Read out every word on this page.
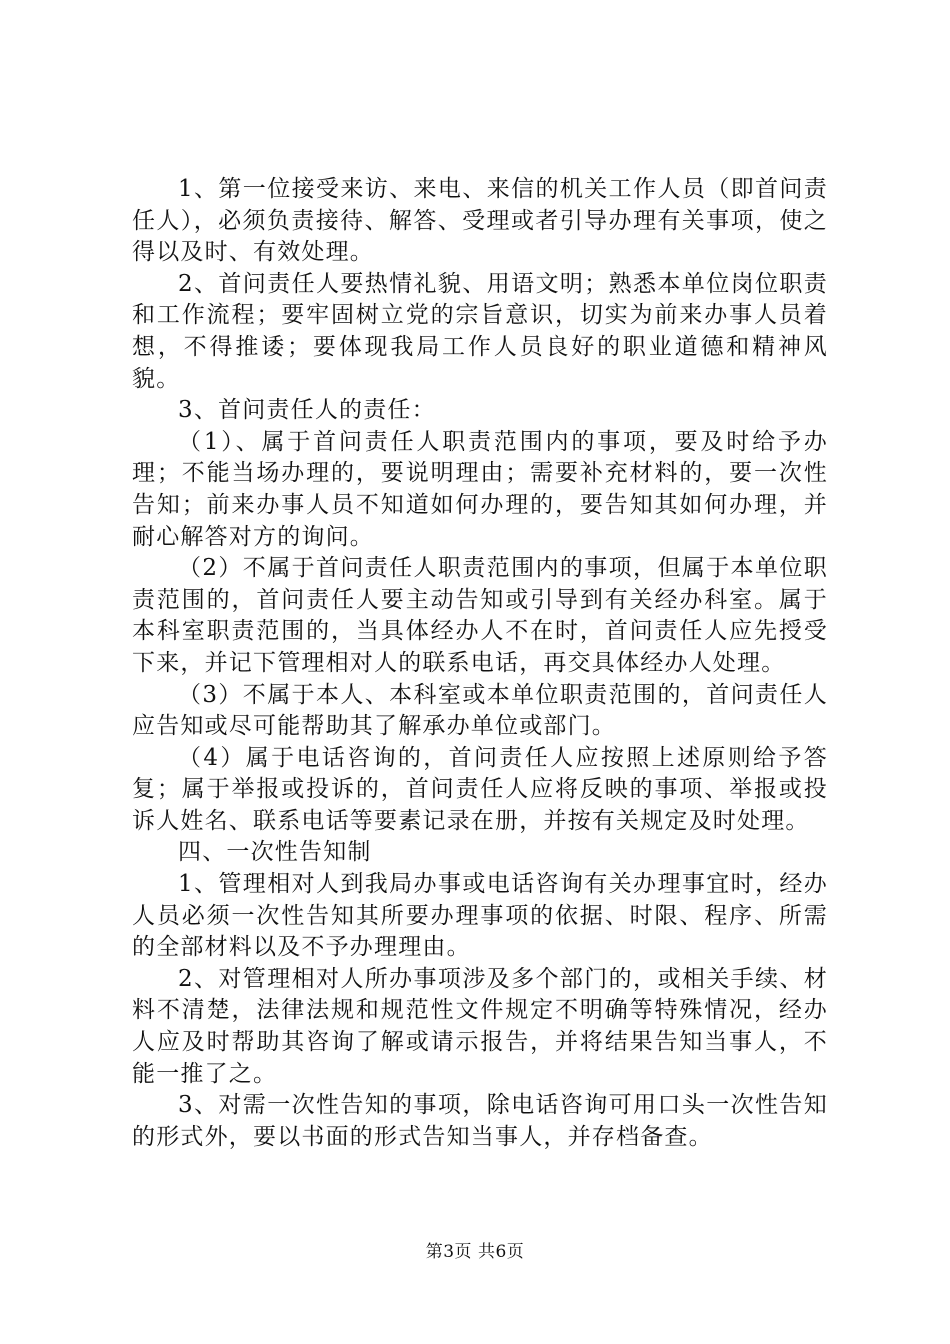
1、第一位接受来访、来电、来信的机关工作人员（即首问责任人），必须负责接待、解答、受理或者引导办理有关事项，使之得以及时、有效处理。

2、首问责任人要热情礼貌、用语文明；熟悉本单位岗位职责和工作流程；要牢固树立党的宗旨意识，切实为前来办事人员着想，不得推诿；要体现我局工作人员良好的职业道德和精神风貌。

3、首问责任人的责任：

（1）、属于首问责任人职责范围内的事项，要及时给予办理；不能当场办理的，要说明理由；需要补充材料的，要一次性告知；前来办事人员不知道如何办理的，要告知其如何办理，并耐心解答对方的询问。

（2）不属于首问责任人职责范围内的事项，但属于本单位职责范围的，首问责任人要主动告知或引导到有关经办科室。属于本科室职责范围的，当具体经办人不在时，首问责任人应先授受下来，并记下管理相对人的联系电话，再交具体经办人处理。

（3）不属于本人、本科室或本单位职责范围的，首问责任人应告知或尽可能帮助其了解承办单位或部门。

（4）属于电话咨询的，首问责任人应按照上述原则给予答复；属于举报或投诉的，首问责任人应将反映的事项、举报或投诉人姓名、联系电话等要素记录在册，并按有关规定及时处理。

四、一次性告知制

1、管理相对人到我局办事或电话咨询有关办理事宜时，经办人员必须一次性告知其所要办理事项的依据、时限、程序、所需的全部材料以及不予办理理由。

2、对管理相对人所办事项涉及多个部门的，或相关手续、材料不清楚，法律法规和规范性文件规定不明确等特殊情况，经办人应及时帮助其咨询了解或请示报告，并将结果告知当事人，不能一推了之。

3、对需一次性告知的事项，除电话咨询可用口头一次性告知的形式外，要以书面的形式告知当事人，并存档备查。

第3页 共6页
